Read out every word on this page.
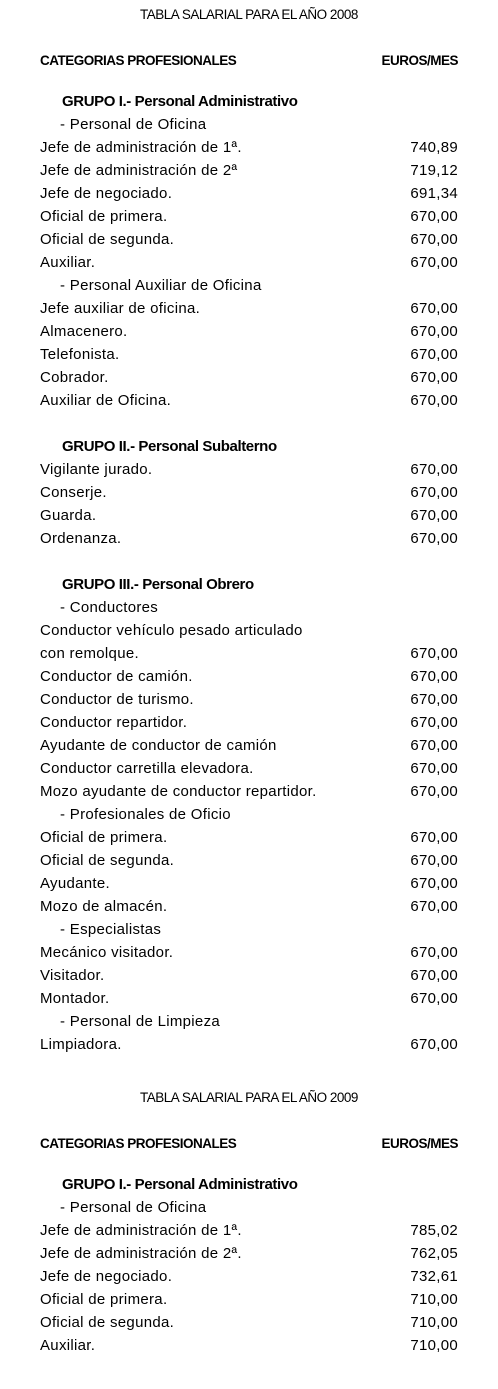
TABLA SALARIAL PARA EL AÑO 2008
CATEGORIAS PROFESIONALES	EUROS/MES
GRUPO I.- Personal Administrativo
- Personal de Oficina
Jefe de administración de 1ª.	740,89
Jefe de administración de 2ª	719,12
Jefe de negociado.	691,34
Oficial de primera.	670,00
Oficial de segunda.	670,00
Auxiliar.	670,00
- Personal Auxiliar de Oficina
Jefe auxiliar de oficina.	670,00
Almacenero.	670,00
Telefonista.	670,00
Cobrador.	670,00
Auxiliar de Oficina.	670,00
GRUPO II.- Personal Subalterno
Vigilante jurado.	670,00
Conserje.	670,00
Guarda.	670,00
Ordenanza.	670,00
GRUPO III.- Personal Obrero
- Conductores
Conductor vehículo pesado articulado
con remolque.	670,00
Conductor de camión.	670,00
Conductor de turismo.	670,00
Conductor repartidor.	670,00
Ayudante de conductor de camión	670,00
Conductor carretilla elevadora.	670,00
Mozo ayudante de conductor repartidor.	670,00
- Profesionales de Oficio
Oficial de primera.	670,00
Oficial de segunda.	670,00
Ayudante.	670,00
Mozo de almacén.	670,00
- Especialistas
Mecánico visitador.	670,00
Visitador.	670,00
Montador.	670,00
- Personal de Limpieza
Limpiadora.	670,00
TABLA SALARIAL PARA EL AÑO 2009
CATEGORIAS PROFESIONALES	EUROS/MES
GRUPO I.- Personal Administrativo
- Personal de Oficina
Jefe de administración de 1ª.	785,02
Jefe de administración de 2ª.	762,05
Jefe de negociado.	732,61
Oficial de primera.	710,00
Oficial de segunda.	710,00
Auxiliar.	710,00
